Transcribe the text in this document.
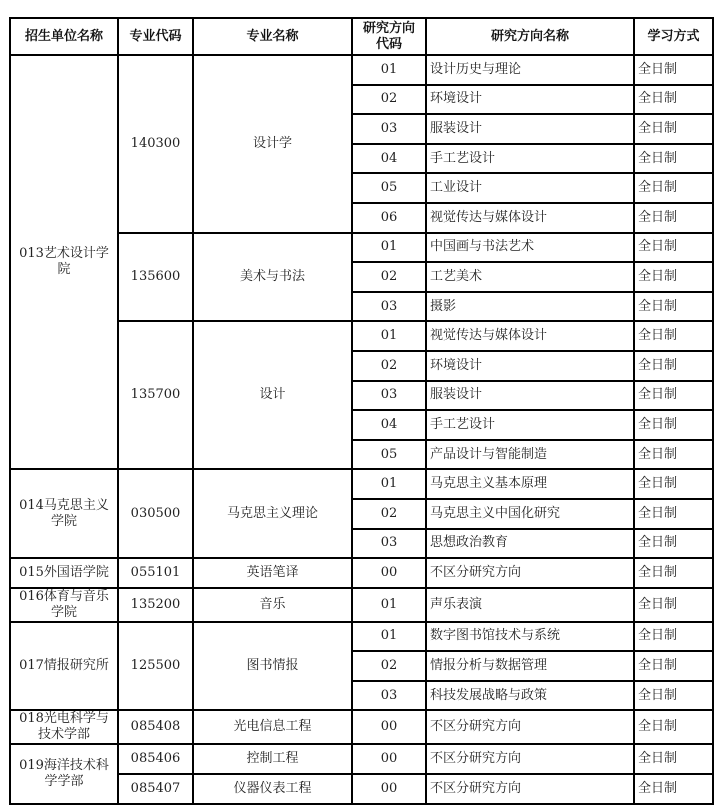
招生单位名称	专业代码	专业名称	研究方向代码	研究方向名称	学习方式
013艺术设计学院	140300	设计学	01	设计历史与理论	全日制
			02	环境设计	全日制
			03	服装设计	全日制
			04	手工艺设计	全日制
			05	工业设计	全日制
			06	视觉传达与媒体设计	全日制
	135600	美术与书法	01	中国画与书法艺术	全日制
			02	工艺美术	全日制
			03	摄影	全日制
	135700	设计	01	视觉传达与媒体设计	全日制
			02	环境设计	全日制
			03	服装设计	全日制
			04	手工艺设计	全日制
			05	产品设计与智能制造	全日制
014马克思主义学院	030500	马克思主义理论	01	马克思主义基本原理	全日制
			02	马克思主义中国化研究	全日制
			03	思想政治教育	全日制
015外国语学院	055101	英语笔译	00	不区分研究方向	全日制
016体育与音乐学院	135200	音乐	01	声乐表演	全日制
017情报研究所	125500	图书情报	01	数字图书馆技术与系统	全日制
			02	情报分析与数据管理	全日制
			03	科技发展战略与政策	全日制
018光电科学与技术学部	085408	光电信息工程	00	不区分研究方向	全日制
019海洋技术科学学部	085406	控制工程	00	不区分研究方向	全日制
	085407	仪器仪表工程	00	不区分研究方向	全日制
